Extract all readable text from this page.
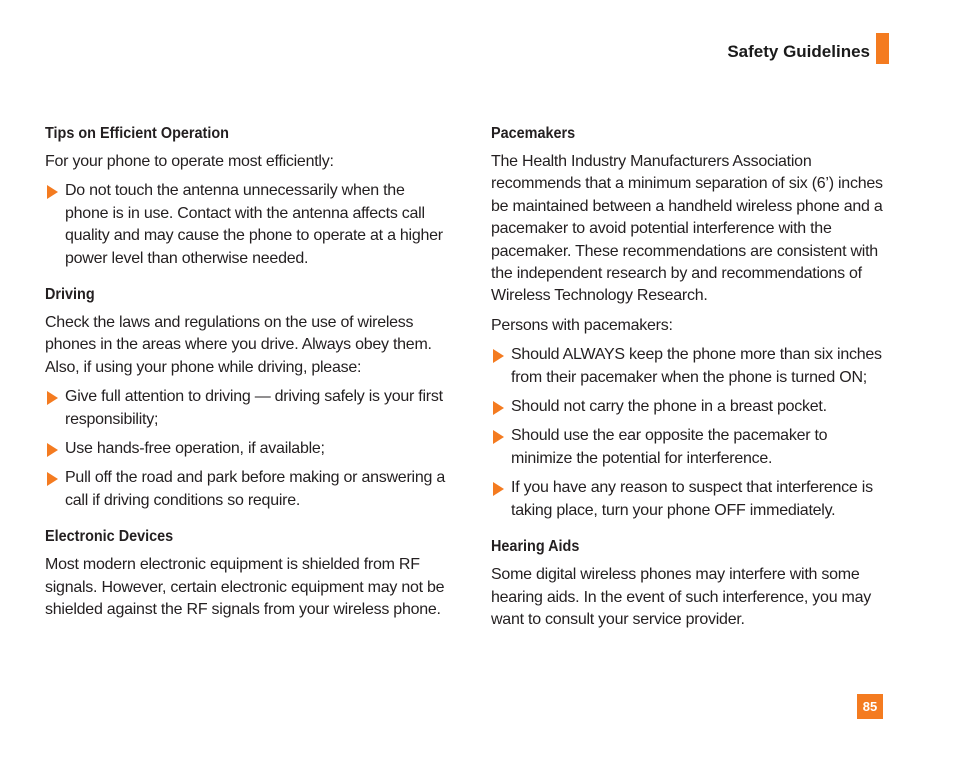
Safety Guidelines
Tips on Efficient Operation

For your phone to operate most efficiently:

Do not touch the antenna unnecessarily when the phone is in use. Contact with the antenna affects call quality and may cause the phone to operate at a higher power level than otherwise needed.
Driving

Check the laws and regulations on the use of wireless phones in the areas where you drive. Always obey them. Also, if using your phone while driving, please:

Give full attention to driving — driving safely is your first responsibility;
Use hands-free operation, if available;
Pull off the road and park before making or answering a call if driving conditions so require.
Electronic Devices

Most modern electronic equipment is shielded from RF signals. However, certain electronic equipment may not be shielded against the RF signals from your wireless phone.

Pacemakers

The Health Industry Manufacturers Association recommends that a minimum separation of six (6’) inches be maintained between a handheld wireless phone and a pacemaker to avoid potential interference with the pacemaker. These recommendations are consistent with the independent research by and recommendations of Wireless Technology Research.

Persons with pacemakers:

Should ALWAYS keep the phone more than six inches from their pacemaker when the phone is turned ON;
Should not carry the phone in a breast pocket.
Should use the ear opposite the pacemaker to minimize the potential for interference.
If you have any reason to suspect that interference is taking place, turn your phone OFF immediately.
Hearing Aids

Some digital wireless phones may interfere with some hearing aids. In the event of such interference, you may want to consult your service provider.

85
